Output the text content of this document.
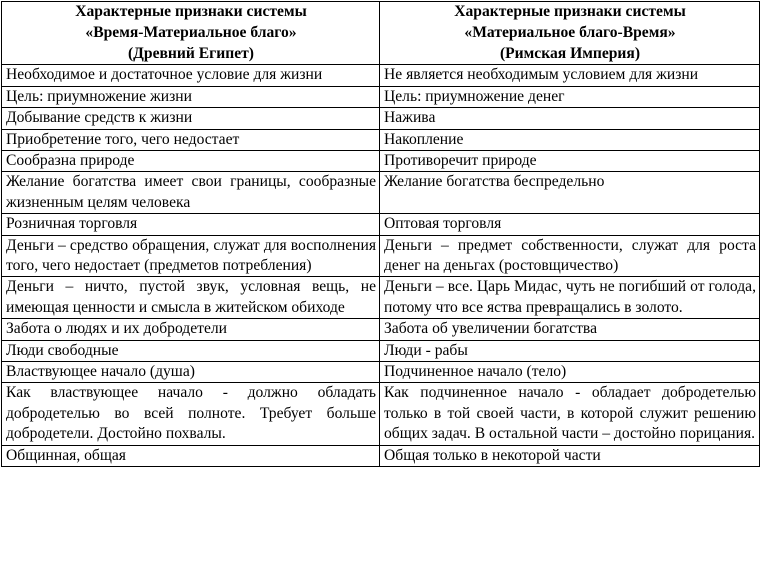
Характерные признаки системы
«Время-Материальное благо»
(Древний Египет)	Характерные признаки системы
«Материальное благо-Время»
(Римская Империя)

Необходимое и достаточное условие для жизни	Не является необходимым условием для жизни
Цель: приумножение жизни	Цель: приумножение денег
Добывание средств к жизни	Нажива
Приобретение того, чего недостает	Накопление
Сообразна природе	Противоречит природе
Желание богатства имеет свои границы, сообразные жизненным целям человека	Желание богатства беспредельно
Розничная торговля	Оптовая торговля
Деньги – средство обращения, служат для восполнения того, чего недостает (предметов потребления)	Деньги – предмет собственности, служат для роста денег на деньгах (ростовщичество)
Деньги – ничто, пустой звук, условная вещь, не имеющая ценности и смысла в житейском обиходе	Деньги – все. Царь Мидас, чуть не погибший от голода, потому что все яства превращались в золото.
Забота о людях и их добродетели	Забота об увеличении богатства
Люди свободные	Люди - рабы
Властвующее начало (душа)	Подчиненное начало (тело)
Как властвующее начало - должно обладать добродетелью во всей полноте. Требует больше добродетели. Достойно похвалы.	Как подчиненное начало - обладает добродетелью только в той своей части, в которой служит решению общих задач. В остальной части – достойно порицания.
Общинная, общая	Общая только в некоторой части
